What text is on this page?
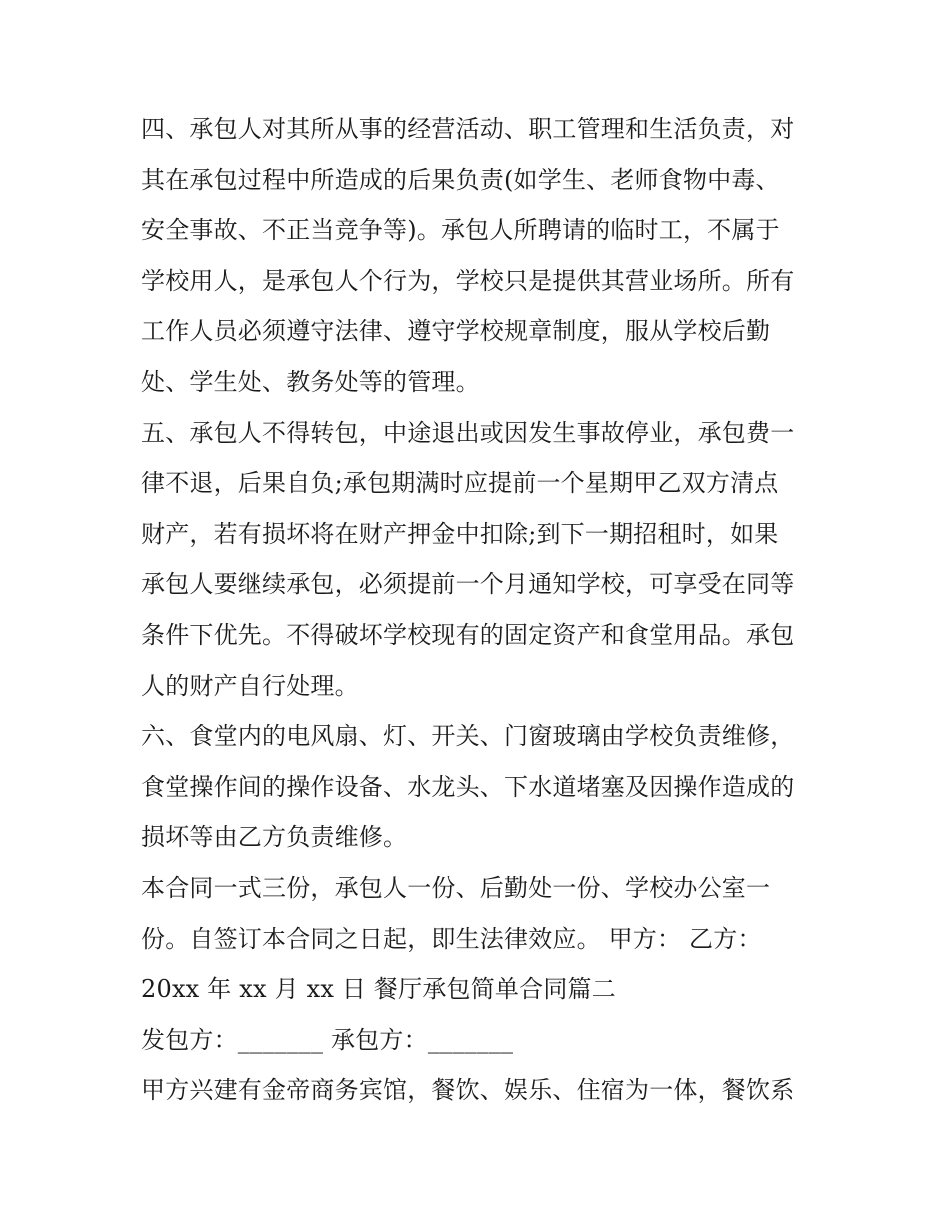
四、承包人对其所从事的经营活动、职工管理和生活负责，对

其在承包过程中所造成的后果负责(如学生、老师食物中毒、

安全事故、不正当竞争等)。承包人所聘请的临时工，不属于

学校用人，是承包人个行为，学校只是提供其营业场所。所有

工作人员必须遵守法律、遵守学校规章制度，服从学校后勤

处、学生处、教务处等的管理。

五、承包人不得转包，中途退出或因发生事故停业，承包费一

律不退，后果自负;承包期满时应提前一个星期甲乙双方清点

财产，若有损坏将在财产押金中扣除;到下一期招租时，如果

承包人要继续承包，必须提前一个月通知学校，可享受在同等

条件下优先。不得破坏学校现有的固定资产和食堂用品。承包

人的财产自行处理。

六、食堂内的电风扇、灯、开关、门窗玻璃由学校负责维修，

食堂操作间的操作设备、水龙头、下水道堵塞及因操作造成的

损坏等由乙方负责维修。

本合同一式三份，承包人一份、后勤处一份、学校办公室一

份。自签订本合同之日起，即生法律效应。 甲方： 乙方：

20xx 年 xx 月 xx 日 餐厅承包简单合同篇二

发包方：_______ 承包方：_______

甲方兴建有金帝商务宾馆，餐饮、娱乐、住宿为一体，餐饮系
